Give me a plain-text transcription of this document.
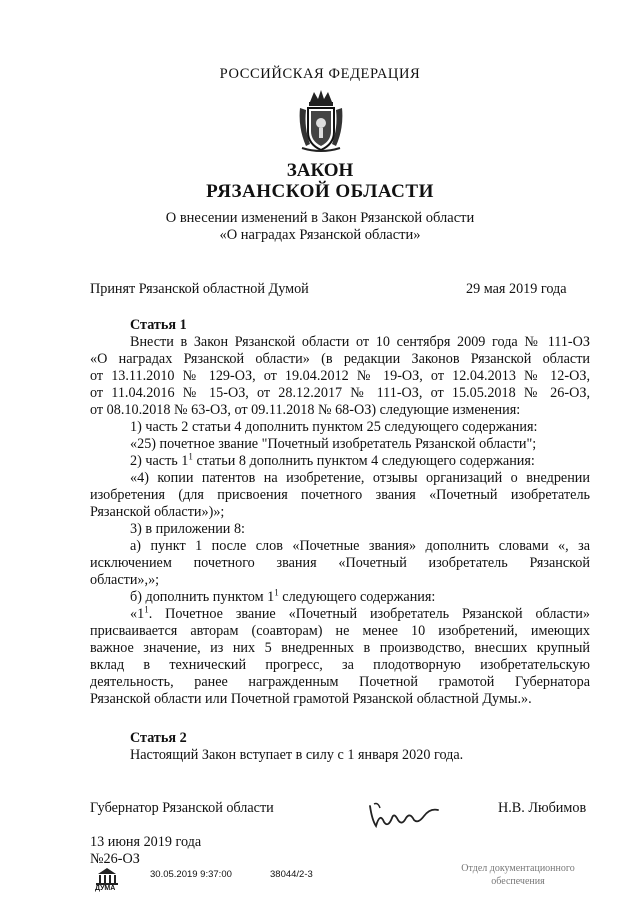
РОССИЙСКАЯ ФЕДЕРАЦИЯ
ЗАКОН
РЯЗАНСКОЙ ОБЛАСТИ
О внесении изменений в Закон Рязанской области
«О наградах Рязанской области»
Принят Рязанской областной Думой	29 мая 2019 года
Статья 1
Внести в Закон Рязанской области от 10 сентября 2009 года № 111-ОЗ
«О наградах Рязанской области» (в редакции Законов Рязанской области
от 13.11.2010 № 129-ОЗ, от 19.04.2012 № 19-ОЗ, от 12.04.2013 № 12-ОЗ,
от 11.04.2016 № 15-ОЗ, от 28.12.2017 № 111-ОЗ, от 15.05.2018 № 26-ОЗ,
от 08.10.2018 № 63-ОЗ, от 09.11.2018 № 68-ОЗ) следующие изменения:
1) часть 2 статьи 4 дополнить пунктом 25 следующего содержания:
«25) почетное звание "Почетный изобретатель Рязанской области";
2) часть $1^1$ статьи 8 дополнить пунктом 4 следующего содержания:
«4) копии патентов на изобретение, отзывы организаций о внедрении
изобретения (для присвоения почетного звания «Почетный изобретатель
Рязанской области»)»;
3) в приложении 8:
а) пункт 1 после слов «Почетные звания» дополнить словами «, за
исключением почетного звания «Почетный изобретатель Рязанской
области»,»;
б) дополнить пунктом $1^1$ следующего содержания:
«$1^1$ . Почетное звание «Почетный изобретатель Рязанской области»
присваивается авторам (соавторам) не менее 10 изобретений, имеющих
важное значение, из них 5 внедренных в производство, внесших крупный
вклад в технический прогресс, за плодотворную изобретательскую
деятельность, ранее награжденным Почетной грамотой Губернатора
Рязанской области или Почетной грамотой Рязанской областной Думы.».
Статья 2
Настоящий Закон вступает в силу с 1 января 2020 года.
Губернатор Рязанской области	Н.В. Любимов
13 июня 2019 года
№26-ОЗ
ДУМА
30.05.2019 9:37:00	38044/2-3
Отдел документационного
обеспечения
